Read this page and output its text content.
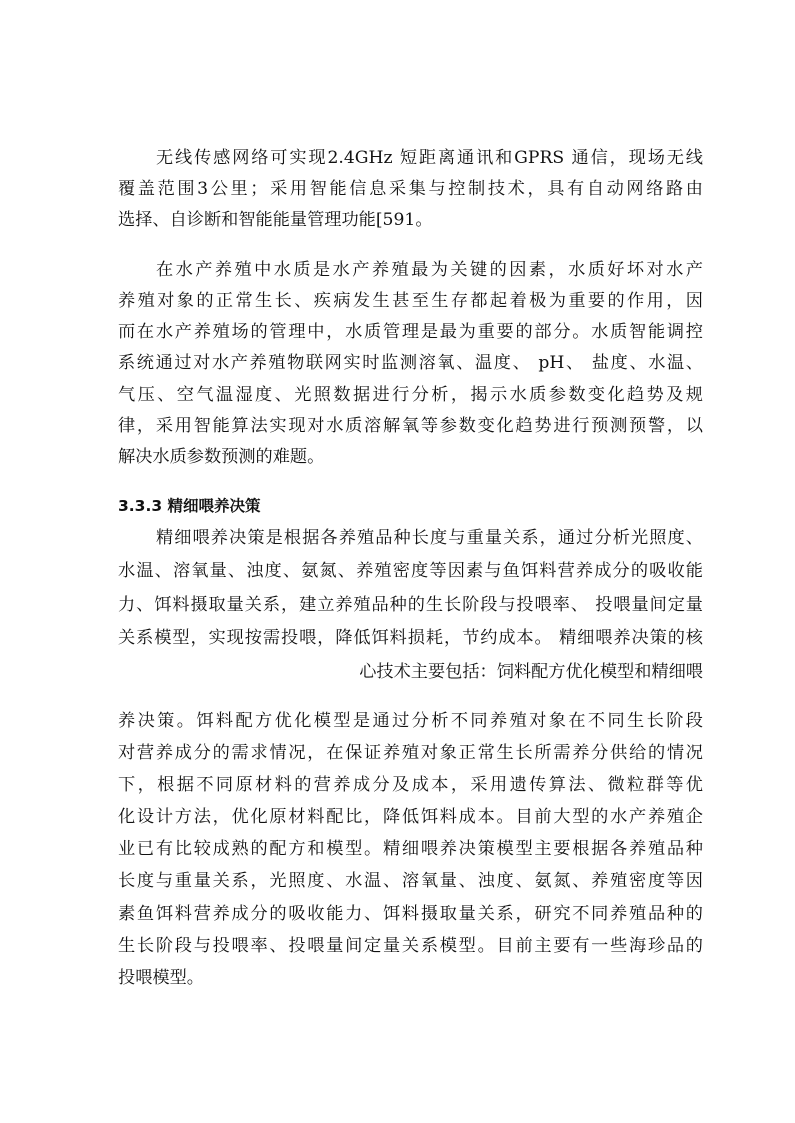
无线传感网络可实现2.4GHz 短距离通讯和GPRS 通信，现场无线
覆盖范围3公里；采用智能信息采集与控制技术，具有自动网络路由
选择、自诊断和智能能量管理功能[591。
在水产养殖中水质是水产养殖最为关键的因素，水质好坏对水产
养殖对象的正常生长、疾病发生甚至生存都起着极为重要的作用，因
而在水产养殖场的管理中，水质管理是最为重要的部分。水质智能调控
系统通过对水产养殖物联网实时监测溶氧、温度、 pH、 盐度、水温、
气压、空气温湿度、光照数据进行分析，揭示水质参数变化趋势及规
律，采用智能算法实现对水质溶解氧等参数变化趋势进行预测预警，以
解决水质参数预测的难题。
3.3.3 精细喂养决策
精细喂养决策是根据各养殖品种长度与重量关系，通过分析光照度、
水温、溶氧量、浊度、氨氮、养殖密度等因素与鱼饵料营养成分的吸收能
力、饵料摄取量关系，建立养殖品种的生长阶段与投喂率、 投喂量间定量
关系模型，实现按需投喂，降低饵料损耗，节约成本。 精细喂养决策的核
心技术主要包括：饲料配方优化模型和精细喂
养决策。饵料配方优化模型是通过分析不同养殖对象在不同生长阶段
对营养成分的需求情况，在保证养殖对象正常生长所需养分供给的情况
下，根据不同原材料的营养成分及成本，采用遗传算法、微粒群等优
化设计方法，优化原材料配比，降低饵料成本。目前大型的水产养殖企
业已有比较成熟的配方和模型。精细喂养决策模型主要根据各养殖品种
长度与重量关系，光照度、水温、溶氧量、浊度、氨氮、养殖密度等因
素鱼饵料营养成分的吸收能力、饵料摄取量关系，研究不同养殖品种的
生长阶段与投喂率、投喂量间定量关系模型。目前主要有一些海珍品的
投喂模型。
